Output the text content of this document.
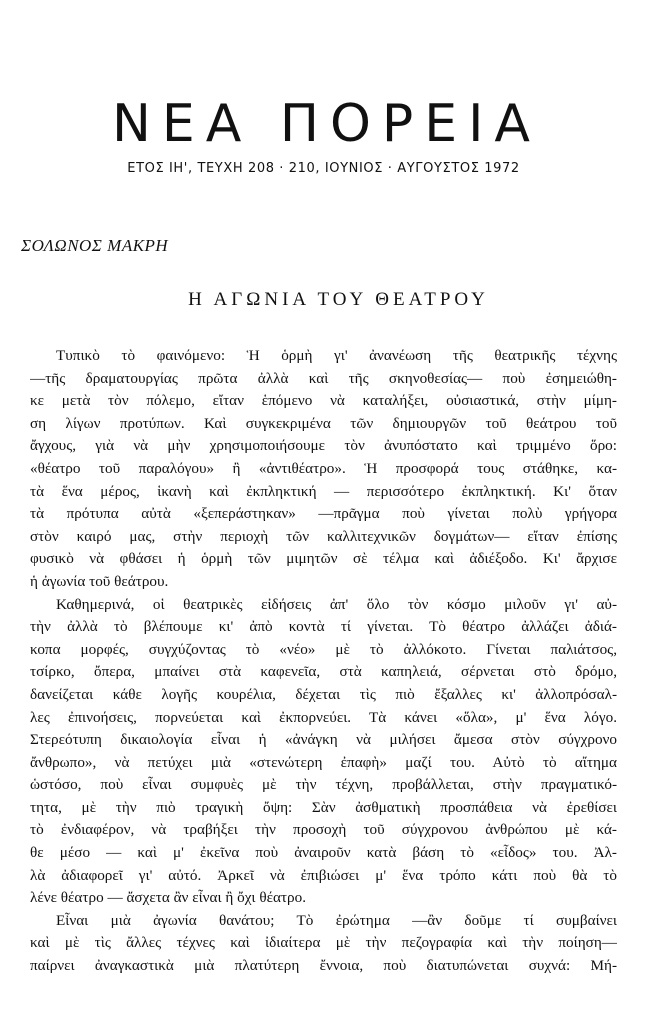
ΝΕΑ ΠΟΡΕΙΑ
ΕΤΟΣ ΙΗ', ΤΕΥΧΗ 208 · 210, ΙΟΥΝΙΟΣ · ΑΥΓΟΥΣΤΟΣ 1972
ΣΟΛΩΝΟΣ ΜΑΚΡΗ
Η ΑΓΩΝΙΑ ΤΟΥ ΘΕΑΤΡΟΥ
Τυπικὸ τὸ φαινόμενο: Ἡ ὁρμὴ γι' ἀνανέωση τῆς θεατρικῆς τέχνης
—τῆς δραματουργίας πρῶτα ἀλλὰ καὶ τῆς σκηνοθεσίας— ποὺ ἐσημειώθη-
κε μετὰ τὸν πόλεμο, εἴταν ἑπόμενο νὰ καταλήξει, οὐσιαστικά, στὴν μίμη-
ση λίγων προτύπων. Καὶ συγκεκριμένα τῶν δημιουργῶν τοῦ θεάτρου τοῦ
ἄγχους, γιὰ νὰ μὴν χρησιμοποιήσουμε τὸν ἀνυπόστατο καὶ τριμμένο ὅρο:
«θέατρο τοῦ παραλόγου» ἢ «ἀντιθέατρο». Ἡ προσφορά τους στάθηκε, κα-
τὰ ἕνα μέρος, ἱκανὴ καὶ ἐκπληκτική — περισσότερο ἐκπληκτική. Κι' ὅταν
τὰ πρότυπα αὐτὰ «ξεπεράστηκαν» —πρᾶγμα ποὺ γίνεται πολὺ γρήγορα
στὸν καιρό μας, στὴν περιοχὴ τῶν καλλιτεχνικῶν δογμάτων— εἴταν ἐπίσης
φυσικὸ νὰ φθάσει ἡ ὁρμὴ τῶν μιμητῶν σὲ τέλμα καὶ ἀδιέξοδο. Κι' ἄρχισε
ἡ ἀγωνία τοῦ θεάτρου.
Καθημερινά, οἱ θεατρικὲς εἰδήσεις ἀπ' ὅλο τὸν κόσμο μιλοῦν γι' αὐ-
τὴν ἀλλὰ τὸ βλέπουμε κι' ἀπὸ κοντὰ τί γίνεται. Τὸ θέατρο ἀλλάζει ἀδιά-
κοπα μορφές, συγχύζοντας τὸ «νέο» μὲ τὸ ἀλλόκοτο. Γίνεται παλιάτσος,
τσίρκο, ὄπερα, μπαίνει στὰ καφενεῖα, στὰ καπηλειά, σέρνεται στὸ δρόμο,
δανείζεται κάθε λογῆς κουρέλια, δέχεται τὶς πιὸ ἔξαλλες κι' ἀλλοπρόσαλ-
λες ἐπινοήσεις, πορνεύεται καὶ ἐκπορνεύει. Τὰ κάνει «ὅλα», μ' ἕνα λόγο.
Στερεότυπη δικαιολογία εἶναι ἡ «ἀνάγκη νὰ μιλήσει ἄμεσα στὸν σύγχρονο
ἄνθρωπο», νὰ πετύχει μιὰ «στενώτερη ἐπαφὴ» μαζί του. Αὐτὸ τὸ αἴτημα
ὡστόσο, ποὺ εἶναι συμφυὲς μὲ τὴν τέχνη, προβάλλεται, στὴν πραγματικό-
τητα, μὲ τὴν πιὸ τραγικὴ ὄψη: Σὰν ἀσθματικὴ προσπάθεια νὰ ἐρεθίσει
τὸ ἐνδιαφέρον, νὰ τραβήξει τὴν προσοχὴ τοῦ σύγχρονου ἀνθρώπου μὲ κά-
θε μέσο — καὶ μ' ἐκεῖνα ποὺ ἀναιροῦν κατὰ βάση τὸ «εἶδος» του. Ἀλ-
λὰ ἀδιαφορεῖ γι' αὐτό. Ἀρκεῖ νὰ ἐπιβιώσει μ' ἕνα τρόπο κάτι ποὺ θὰ τὸ
λένε θέατρο — ἄσχετα ἂν εἶναι ἢ ὄχι θέατρο.
Εἶναι μιὰ ἀγωνία θανάτου; Τὸ ἐρώτημα —ἂν δοῦμε τί συμβαίνει
καὶ μὲ τὶς ἄλλες τέχνες καὶ ἰδιαίτερα μὲ τὴν πεζογραφία καὶ τὴν ποίηση—
παίρνει ἀναγκαστικὰ μιὰ πλατύτερη ἔννοια, ποὺ διατυπώνεται συχνά: Μή-
